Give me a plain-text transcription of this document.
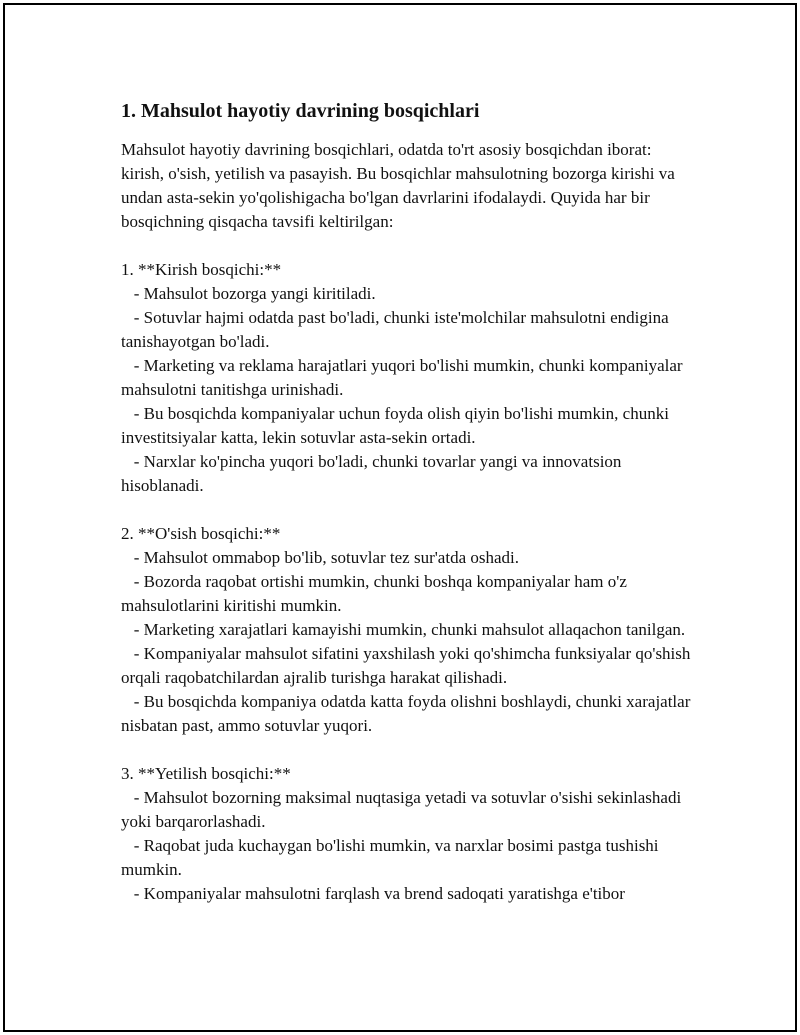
1. Mahsulot hayotiy davrining bosqichlari

Mahsulot hayotiy davrining bosqichlari, odatda to'rt asosiy bosqichdan iborat: kirish, o'sish, yetilish va pasayish. Bu bosqichlar mahsulotning bozorga kirishi va undan asta-sekin yo'qolishigacha bo'lgan davrlarini ifodalaydi. Quyida har bir bosqichning qisqacha tavsifi keltirilgan:

1. **Kirish bosqichi:**

- Mahsulot bozorga yangi kiritiladi.

- Sotuvlar hajmi odatda past bo'ladi, chunki iste'molchilar mahsulotni endigina tanishayotgan bo'ladi.

- Marketing va reklama harajatlari yuqori bo'lishi mumkin, chunki kompaniyalar mahsulotni tanitishga urinishadi.

- Bu bosqichda kompaniyalar uchun foyda olish qiyin bo'lishi mumkin, chunki investitsiyalar katta, lekin sotuvlar asta-sekin ortadi.

- Narxlar ko'pincha yuqori bo'ladi, chunki tovarlar yangi va innovatsion hisoblanadi.

2. **O'sish bosqichi:**

- Mahsulot ommabop bo'lib, sotuvlar tez sur'atda oshadi.

- Bozorda raqobat ortishi mumkin, chunki boshqa kompaniyalar ham o'z mahsulotlarini kiritishi mumkin.

- Marketing xarajatlari kamayishi mumkin, chunki mahsulot allaqachon tanilgan.

- Kompaniyalar mahsulot sifatini yaxshilash yoki qo'shimcha funksiyalar qo'shish orqali raqobatchilardan ajralib turishga harakat qilishadi.

- Bu bosqichda kompaniya odatda katta foyda olishni boshlaydi, chunki xarajatlar nisbatan past, ammo sotuvlar yuqori.

3. **Yetilish bosqichi:**

- Mahsulot bozorning maksimal nuqtasiga yetadi va sotuvlar o'sishi sekinlashadi yoki barqarorlashadi.

- Raqobat juda kuchaygan bo'lishi mumkin, va narxlar bosimi pastga tushishi mumkin.

- Kompaniyalar mahsulotni farqlash va brend sadoqati yaratishga e'tibor
